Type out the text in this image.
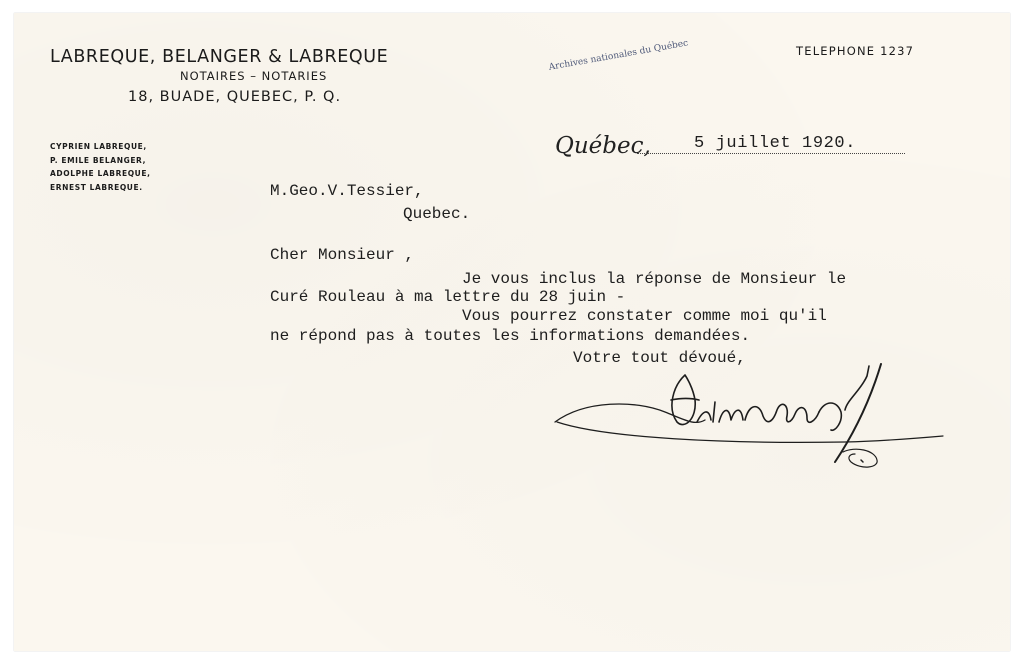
LABREQUE, BELANGER & LABREQUE
NOTAIRES – NOTARIES
18, BUADE, QUEBEC, P. Q.
TELEPHONE 1237
CYPRIEN LABREQUE,
P. EMILE BELANGER,
ADOLPHE LABREQUE,
ERNEST LABREQUE.
Archives nationales du Québec
Québec,	5 juillet 1920.
M.Geo.V.Tessier,
Quebec.
Cher Monsieur ,
Je vous inclus la réponse de Monsieur le
Curé Rouleau à ma lettre du 28 juin -
Vous pourrez constater comme moi qu'il
ne répond pas à toutes les informations demandées.
Votre tout dévoué,
